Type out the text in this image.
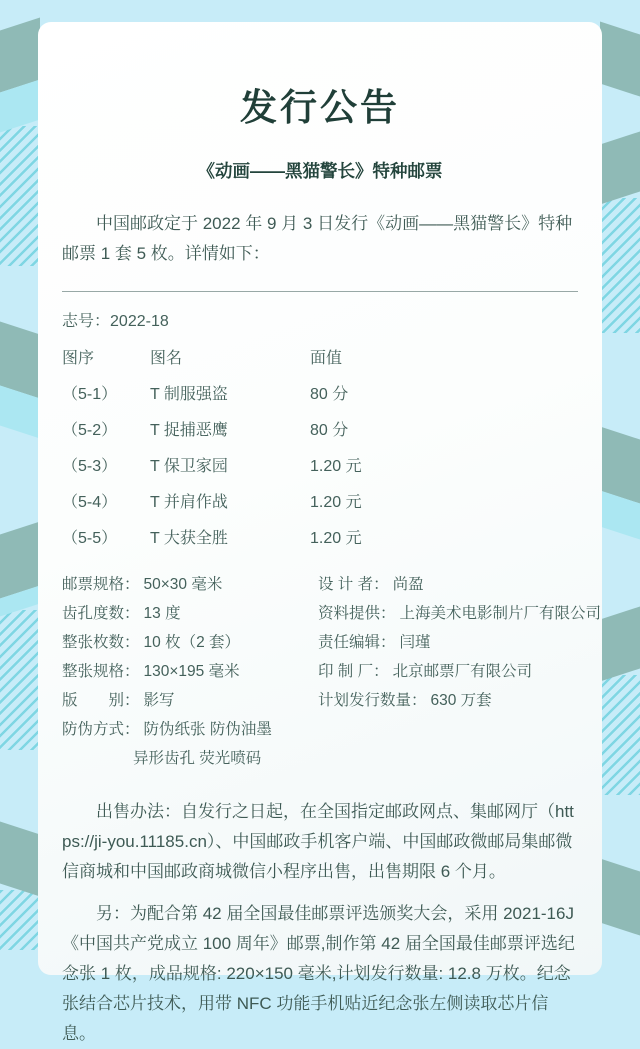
发行公告
《动画——黑猫警长》特种邮票
中国邮政定于 2022 年 9 月 3 日发行《动画——黑猫警长》特种邮票 1 套 5 枚。详情如下：
志号：2022-18
图序	图名	面值
（5-1）	T 制服强盗	80 分
（5-2）	T 捉捕恶鹰	80 分
（5-3）	T 保卫家园	1.20 元
（5-4）	T 并肩作战	1.20 元
（5-5）	T 大获全胜	1.20 元
邮票规格： 50×30 毫米
齿孔度数： 13 度
整张枚数： 10 枚（2 套）
整张规格： 130×195 毫米
版　　别： 影写
防伪方式： 防伪纸张 防伪油墨
异形齿孔 荧光喷码
设 计 者： 尚盈
资料提供： 上海美术电影制片厂有限公司
责任编辑： 闫瑾
印 制 厂： 北京邮票厂有限公司
计划发行数量： 630 万套
出售办法：自发行之日起，在全国指定邮政网点、集邮网厅（https://ji-you.11185.cn）、中国邮政手机客户端、中国邮政微邮局集邮微信商城和中国邮政商城微信小程序出售，出售期限 6 个月。
另：为配合第 42 届全国最佳邮票评选颁奖大会，采用 2021-16J《中国共产党成立 100 周年》邮票,制作第 42 届全国最佳邮票评选纪念张 1 枚，成品规格: 220×150 毫米,计划发行数量: 12.8 万枚。纪念张结合芯片技术，用带 NFC 功能手机贴近纪念张左侧读取芯片信息。
